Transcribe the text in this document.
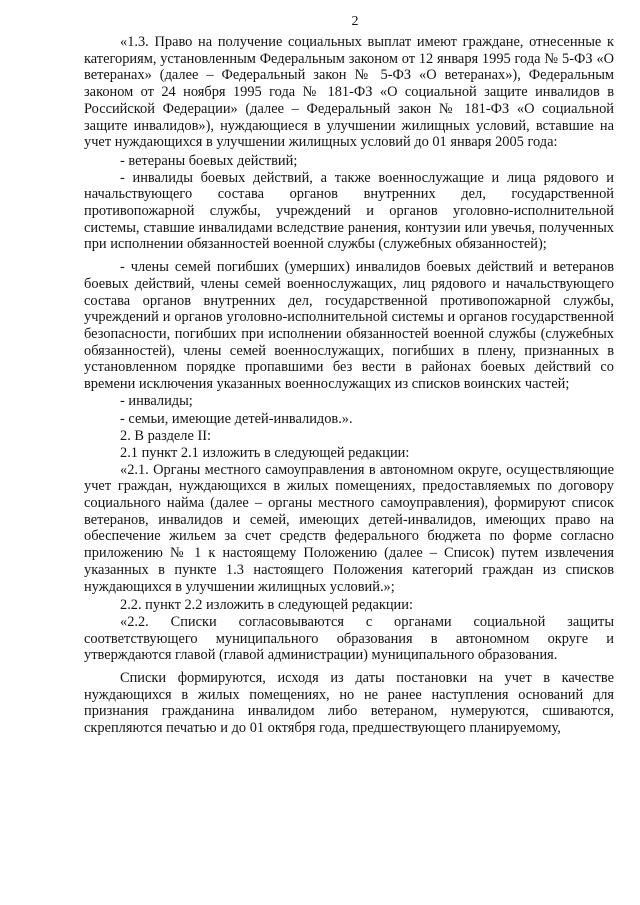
2

«1.3. Право на получение социальных выплат имеют граждане, отнесенные к категориям, установленным Федеральным законом от 12 января 1995 года № 5-ФЗ «О ветеранах» (далее – Федеральный закон № 5-ФЗ «О ветеранах»), Федеральным законом от 24 ноября 1995 года № 181-ФЗ «О социальной защите инвалидов в Российской Федерации» (далее – Федеральный закон № 181-ФЗ «О социальной защите инвалидов»), нуждающиеся в улучшении жилищных условий, вставшие на учет нуждающихся в улучшении жилищных условий до 01 января 2005 года:

- ветераны боевых действий;

- инвалиды боевых действий, а также военнослужащие и лица рядового и начальствующего состава органов внутренних дел, государственной противопожарной службы, учреждений и органов уголовно-исполнительной системы, ставшие инвалидами вследствие ранения, контузии или увечья, полученных при исполнении обязанностей военной службы (служебных обязанностей);

- члены семей погибших (умерших) инвалидов боевых действий и ветеранов боевых действий, члены семей военнослужащих, лиц рядового и начальствующего состава органов внутренних дел, государственной противопожарной службы, учреждений и органов уголовно-исполнительной системы и органов государственной безопасности, погибших при исполнении обязанностей военной службы (служебных обязанностей), члены семей военнослужащих, погибших в плену, признанных в установленном порядке пропавшими без вести в районах боевых действий со времени исключения указанных военнослужащих из списков воинских частей;

- инвалиды;

- семьи, имеющие детей-инвалидов.».

2. В разделе II:

2.1 пункт 2.1 изложить в следующей редакции:

«2.1. Органы местного самоуправления в автономном округе, осуществляющие учет граждан, нуждающихся в жилых помещениях, предоставляемых по договору социального найма (далее – органы местного самоуправления), формируют список ветеранов, инвалидов и семей, имеющих детей-инвалидов, имеющих право на обеспечение жильем за счет средств федерального бюджета по форме согласно приложению № 1 к настоящему Положению (далее – Список) путем извлечения указанных в пункте 1.3 настоящего Положения категорий граждан из списков нуждающихся в улучшении жилищных условий.»;

2.2. пункт 2.2 изложить в следующей редакции:

«2.2. Списки согласовываются с органами социальной защиты соответствующего муниципального образования в автономном округе и утверждаются главой (главой администрации) муниципального образования.

Списки формируются, исходя из даты постановки на учет в качестве нуждающихся в жилых помещениях, но не ранее наступления оснований для признания гражданина инвалидом либо ветераном, нумеруются, сшиваются, скрепляются печатью и до 01 октября года, предшествующего планируемому,
